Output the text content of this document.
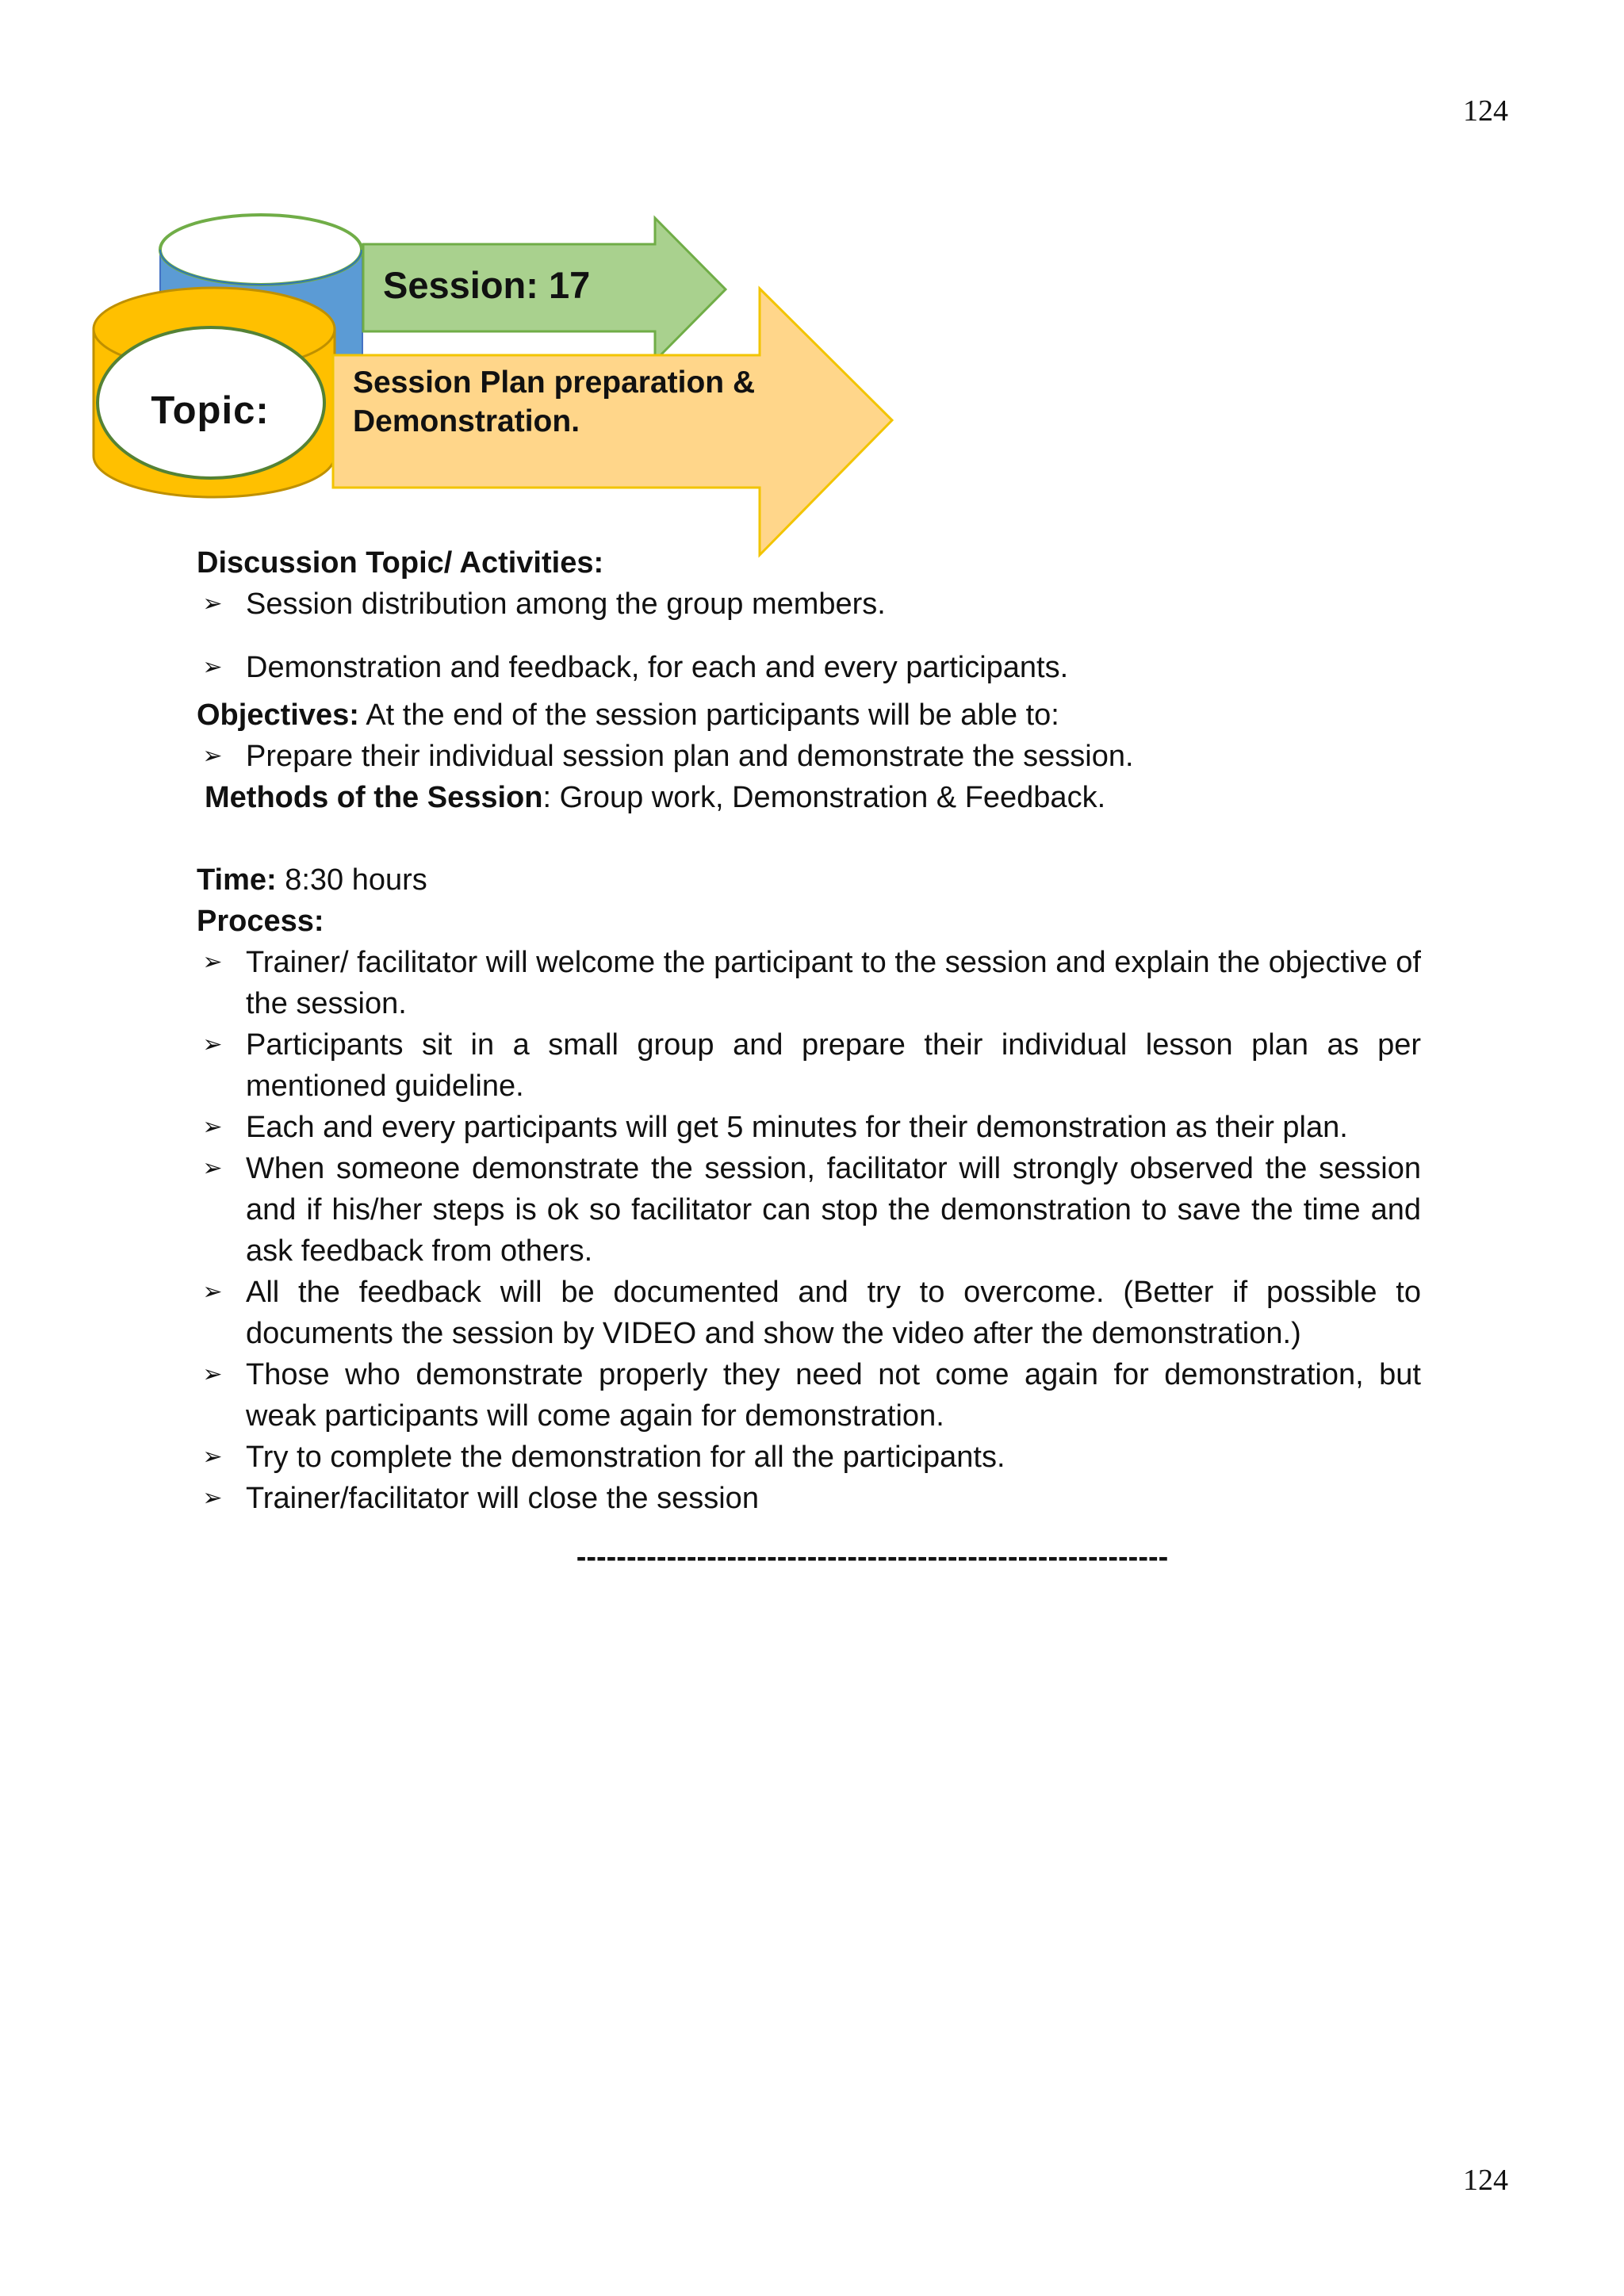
124
Session: 17
Topic:
Session Plan preparation & Demonstration.
Discussion Topic/ Activities:
➢ Session distribution among the group members.
➢ Demonstration and feedback, for each and every participants.
Objectives: At the end of the session participants will be able to:
➢ Prepare their individual session plan and demonstrate the session.
Methods of the Session: Group work, Demonstration & Feedback.
Time: 8:30 hours
Process:
➢ Trainer/ facilitator will welcome the participant to the session and explain the objective of the session.
➢ Participants sit in a small group and prepare their individual lesson plan as per mentioned guideline.
➢ Each and every participants will get 5 minutes for their demonstration as their plan.
➢ When someone demonstrate the session, facilitator will strongly observed the session and if his/her steps is ok so facilitator can stop the demonstration to save the time and ask feedback from others.
➢ All the feedback will be documented and try to overcome. (Better if possible to documents the session by VIDEO and show the video after the demonstration.)
➢ Those who demonstrate properly they need not come again for demonstration, but weak participants will come again for demonstration.
➢ Try to complete the demonstration for all the participants.
➢ Trainer/facilitator will close the session
-----------------------------------------------------------
124
